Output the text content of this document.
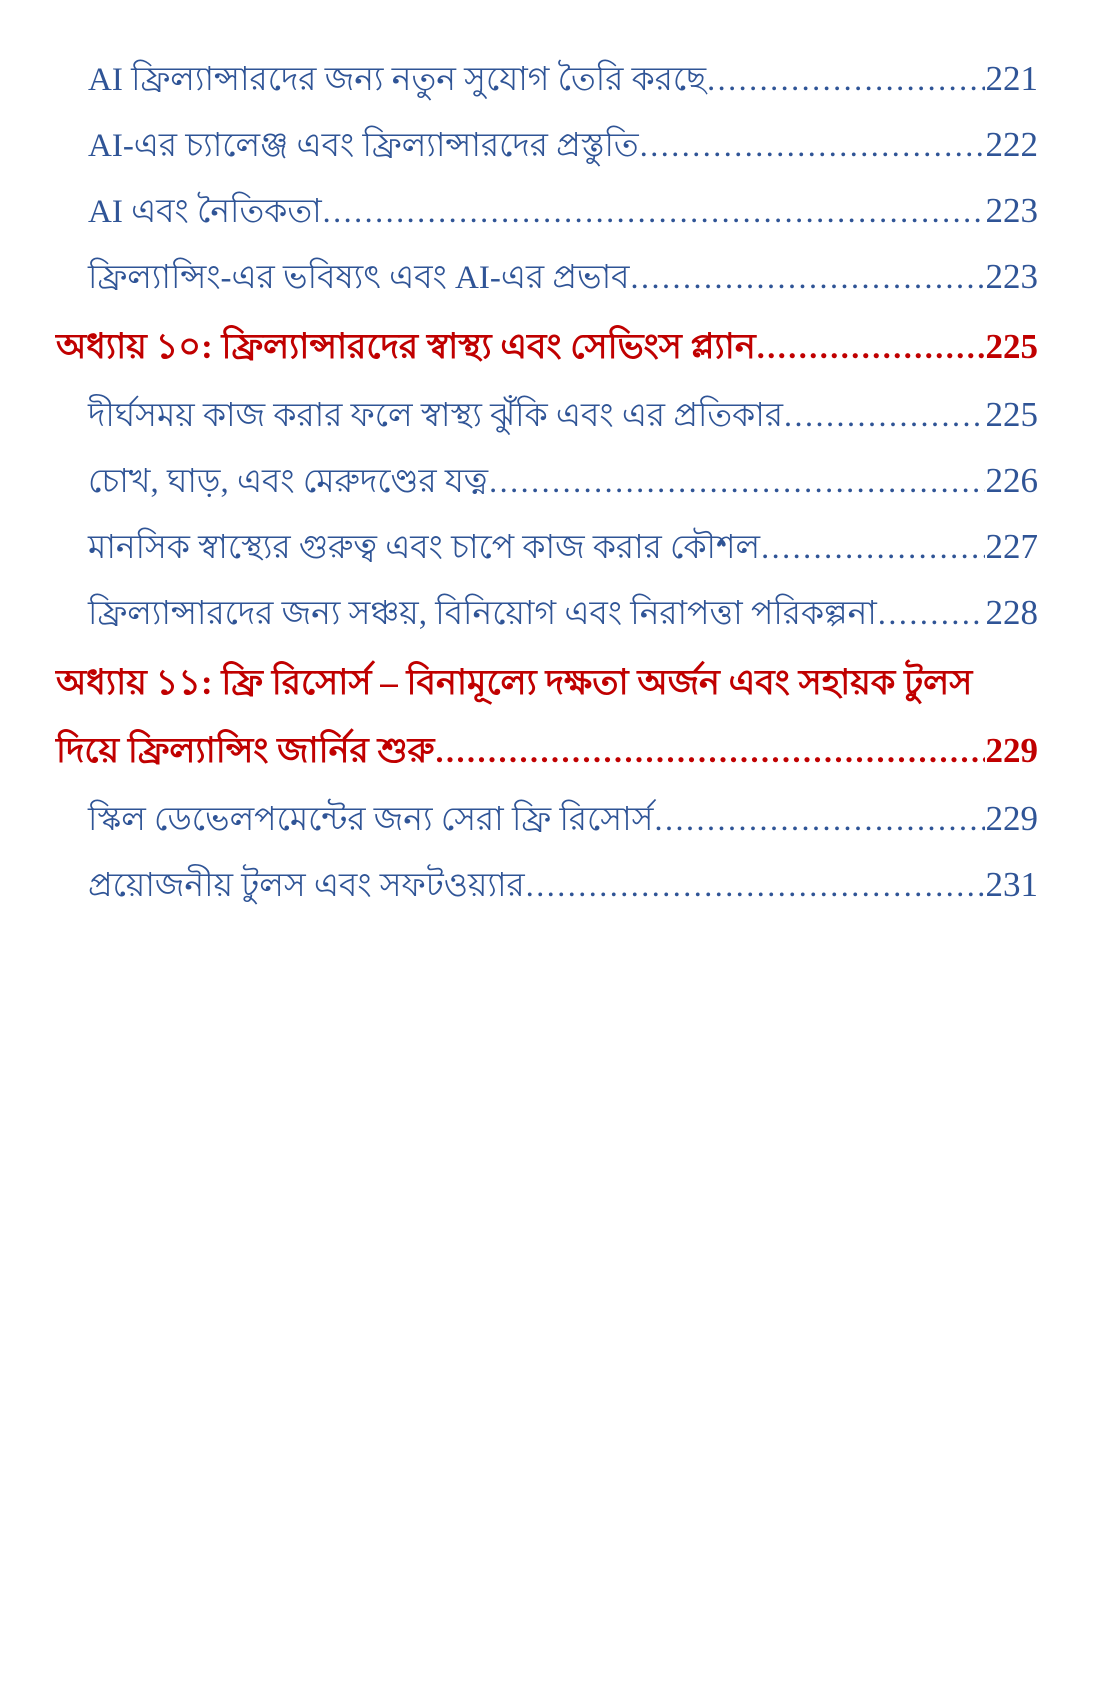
AI ফ্রিল্যান্সারদের জন্য নতুন সুযোগ তৈরি করছে .....	221
AI-এর চ্যালেঞ্জ এবং ফ্রিল্যান্সারদের প্রস্তুতি .....	222
AI এবং নৈতিকতা .....	223
ফ্রিল্যান্সিং-এর ভবিষ্যৎ এবং AI-এর প্রভাব .....	223
অধ্যায় ১০: ফ্রিল্যান্সারদের স্বাস্থ্য এবং সেভিংস প্ল্যান .....	225
দীর্ঘসময় কাজ করার ফলে স্বাস্থ্য ঝুঁকি এবং এর প্রতিকার .....	225
চোখ, ঘাড়, এবং মেরুদণ্ডের যত্ন .....	226
মানসিক স্বাস্থ্যের গুরুত্ব এবং চাপে কাজ করার কৌশল .....	227
ফ্রিল্যান্সারদের জন্য সঞ্চয়, বিনিয়োগ এবং নিরাপত্তা পরিকল্পনা .....	228
অধ্যায় ১১: ফ্রি রিসোর্স – বিনামূল্যে দক্ষতা অর্জন এবং সহায়ক টুলস
দিয়ে ফ্রিল্যান্সিং জার্নির শুরু .....	229
স্কিল ডেভেলপমেন্টের জন্য সেরা ফ্রি রিসোর্স .....	229
প্রয়োজনীয় টুলস এবং সফটওয়্যার .....	231
